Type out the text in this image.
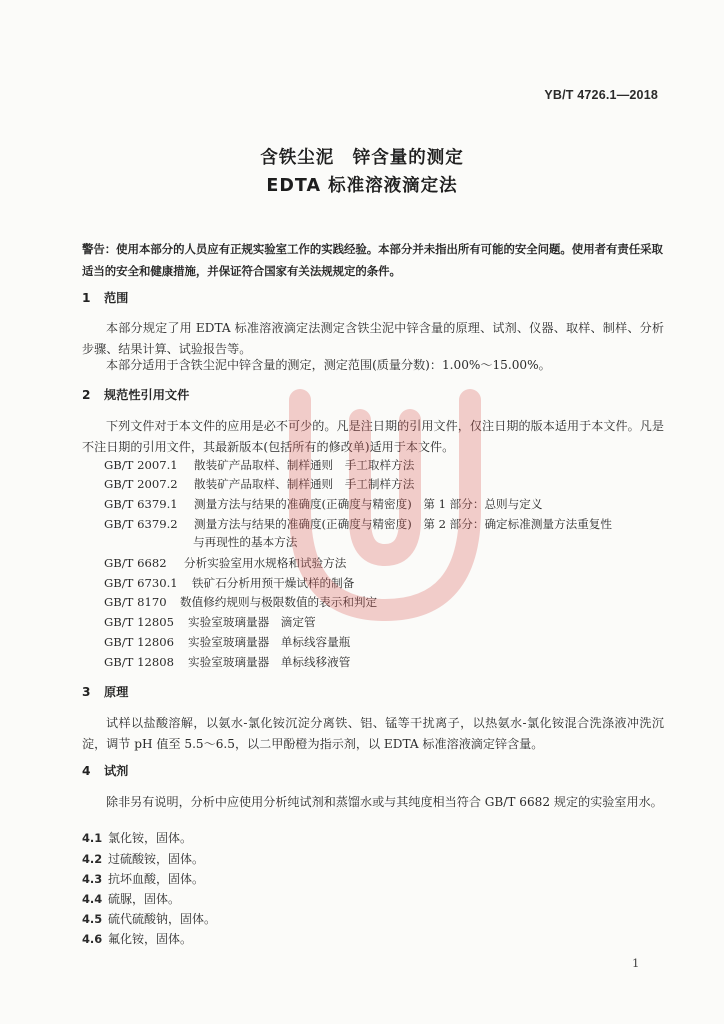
YB/T 4726.1—2018
含铁尘泥　锌含量的测定
EDTA 标准溶液滴定法
警告：使用本部分的人员应有正规实验室工作的实践经验。本部分并未指出所有可能的安全问题。使用者有责任采取适当的安全和健康措施，并保证符合国家有关法规规定的条件。
1 范围
本部分规定了用 EDTA 标准溶液滴定法测定含铁尘泥中锌含量的原理、试剂、仪器、取样、制样、分析步骤、结果计算、试验报告等。
本部分适用于含铁尘泥中锌含量的测定，测定范围(质量分数)：1.00%～15.00%。
2 规范性引用文件
下列文件对于本文件的应用是必不可少的。凡是注日期的引用文件，仅注日期的版本适用于本文件。凡是不注日期的引用文件，其最新版本(包括所有的修改单)适用于本文件。
GB/T 2007.1 散装矿产品取样、制样通则　手工取样方法
GB/T 2007.2 散装矿产品取样、制样通则　手工制样方法
GB/T 6379.1 测量方法与结果的准确度(正确度与精密度)　第 1 部分：总则与定义
GB/T 6379.2 测量方法与结果的准确度(正确度与精密度)　第 2 部分：确定标准测量方法重复性
与再现性的基本方法
GB/T 6682 分析实验室用水规格和试验方法
GB/T 6730.1 铁矿石分析用预干燥试样的制备
GB/T 8170 数值修约规则与极限数值的表示和判定
GB/T 12805 实验室玻璃量器　滴定管
GB/T 12806 实验室玻璃量器　单标线容量瓶
GB/T 12808 实验室玻璃量器　单标线移液管
3 原理
试样以盐酸溶解，以氨水-氯化铵沉淀分离铁、铝、锰等干扰离子，以热氨水-氯化铵混合洗涤液冲洗沉淀，调节 pH 值至 5.5～6.5，以二甲酚橙为指示剂，以 EDTA 标准溶液滴定锌含量。
4 试剂
除非另有说明，分析中应使用分析纯试剂和蒸馏水或与其纯度相当符合 GB/T 6682 规定的实验室用水。
4.1 氯化铵，固体。
4.2 过硫酸铵，固体。
4.3 抗坏血酸，固体。
4.4 硫脲，固体。
4.5 硫代硫酸钠，固体。
4.6 氟化铵，固体。
1
